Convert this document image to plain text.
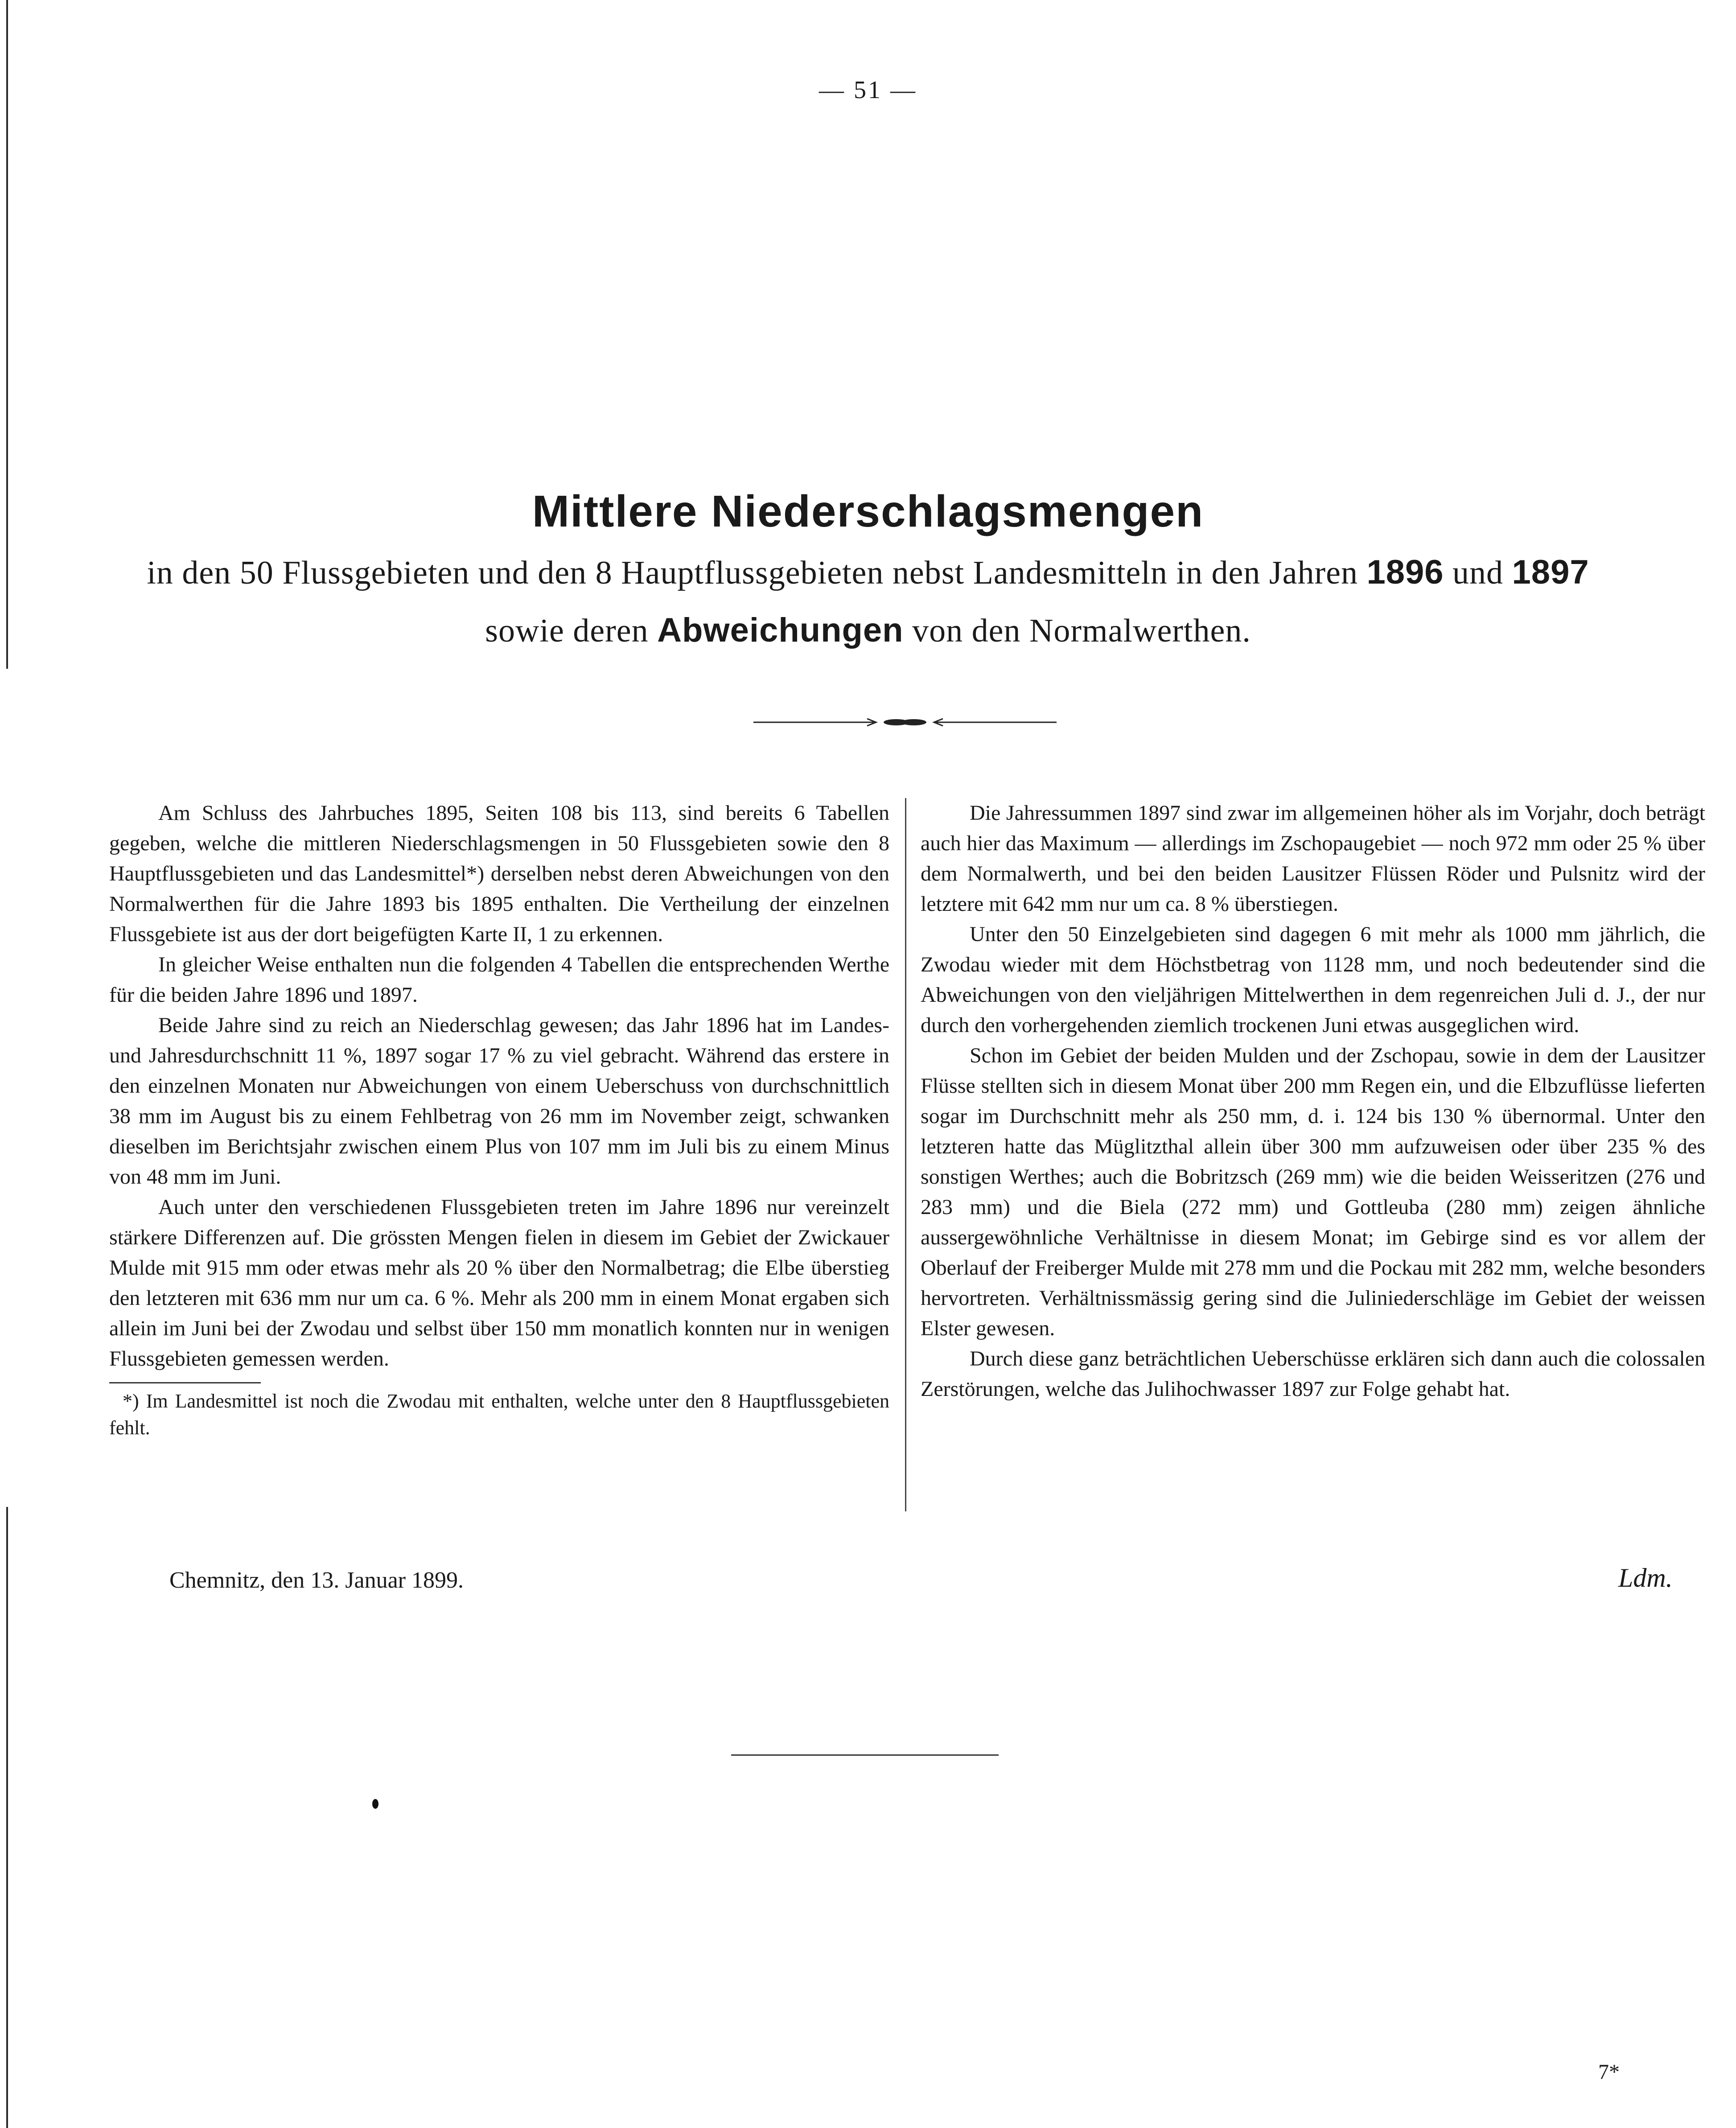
— 51 —
Mittlere Niederschlagsmengen
in den 50 Flussgebieten und den 8 Hauptflussgebieten nebst Landesmitteln in den Jahren 1896 und 1897
sowie deren Abweichungen von den Normalwerthen.

Am Schluss des Jahrbuches 1895, Seiten 108 bis 113, sind bereits 6 Tabellen gegeben, welche die mittleren Niederschlagsmengen in 50 Flussgebieten sowie den 8 Hauptflussgebieten und das Landesmittel*) derselben nebst deren Abweichungen von den Normalwerthen für die Jahre 1893 bis 1895 enthalten. Die Vertheilung der einzelnen Flussgebiete ist aus der dort beigefügten Karte II, 1 zu erkennen.

In gleicher Weise enthalten nun die folgenden 4 Tabellen die entsprechenden Werthe für die beiden Jahre 1896 und 1897.

Beide Jahre sind zu reich an Niederschlag gewesen; das Jahr 1896 hat im Landes- und Jahresdurchschnitt 11 %, 1897 sogar 17 % zu viel gebracht. Während das erstere in den einzelnen Monaten nur Abweichungen von einem Ueberschuss von durchschnittlich 38 mm im August bis zu einem Fehlbetrag von 26 mm im November zeigt, schwanken dieselben im Berichtsjahr zwischen einem Plus von 107 mm im Juli bis zu einem Minus von 48 mm im Juni.

Auch unter den verschiedenen Flussgebieten treten im Jahre 1896 nur vereinzelt stärkere Differenzen auf. Die grössten Mengen fielen in diesem im Gebiet der Zwickauer Mulde mit 915 mm oder etwas mehr als 20 % über den Normalbetrag; die Elbe überstieg den letzteren mit 636 mm nur um ca. 6 %. Mehr als 200 mm in einem Monat ergaben sich allein im Juni bei der Zwodau und selbst über 150 mm monatlich konnten nur in wenigen Flussgebieten gemessen werden.

*) Im Landesmittel ist noch die Zwodau mit enthalten, welche unter den 8 Hauptflussgebieten fehlt.

Die Jahressummen 1897 sind zwar im allgemeinen höher als im Vorjahr, doch beträgt auch hier das Maximum — allerdings im Zschopaugebiet — noch 972 mm oder 25 % über dem Normalwerth, und bei den beiden Lausitzer Flüssen Röder und Pulsnitz wird der letztere mit 642 mm nur um ca. 8 % überstiegen.

Unter den 50 Einzelgebieten sind dagegen 6 mit mehr als 1000 mm jährlich, die Zwodau wieder mit dem Höchstbetrag von 1128 mm, und noch bedeutender sind die Abweichungen von den vieljährigen Mittelwerthen in dem regenreichen Juli d. J., der nur durch den vorhergehenden ziemlich trockenen Juni etwas ausgeglichen wird.

Schon im Gebiet der beiden Mulden und der Zschopau, sowie in dem der Lausitzer Flüsse stellten sich in diesem Monat über 200 mm Regen ein, und die Elbzuflüsse lieferten sogar im Durchschnitt mehr als 250 mm, d. i. 124 bis 130 % übernormal. Unter den letzteren hatte das Müglitzthal allein über 300 mm aufzuweisen oder über 235 % des sonstigen Werthes; auch die Bobritzsch (269 mm) wie die beiden Weisseritzen (276 und 283 mm) und die Biela (272 mm) und Gottleuba (280 mm) zeigen ähnliche aussergewöhnliche Verhältnisse in diesem Monat; im Gebirge sind es vor allem der Oberlauf der Freiberger Mulde mit 278 mm und die Pockau mit 282 mm, welche besonders hervortreten. Verhältnissmässig gering sind die Juliniederschläge im Gebiet der weissen Elster gewesen.

Durch diese ganz beträchtlichen Ueberschüsse erklären sich dann auch die colossalen Zerstörungen, welche das Julihochwasser 1897 zur Folge gehabt hat.

Chemnitz, den 13. Januar 1899.	Ldm.
7*
